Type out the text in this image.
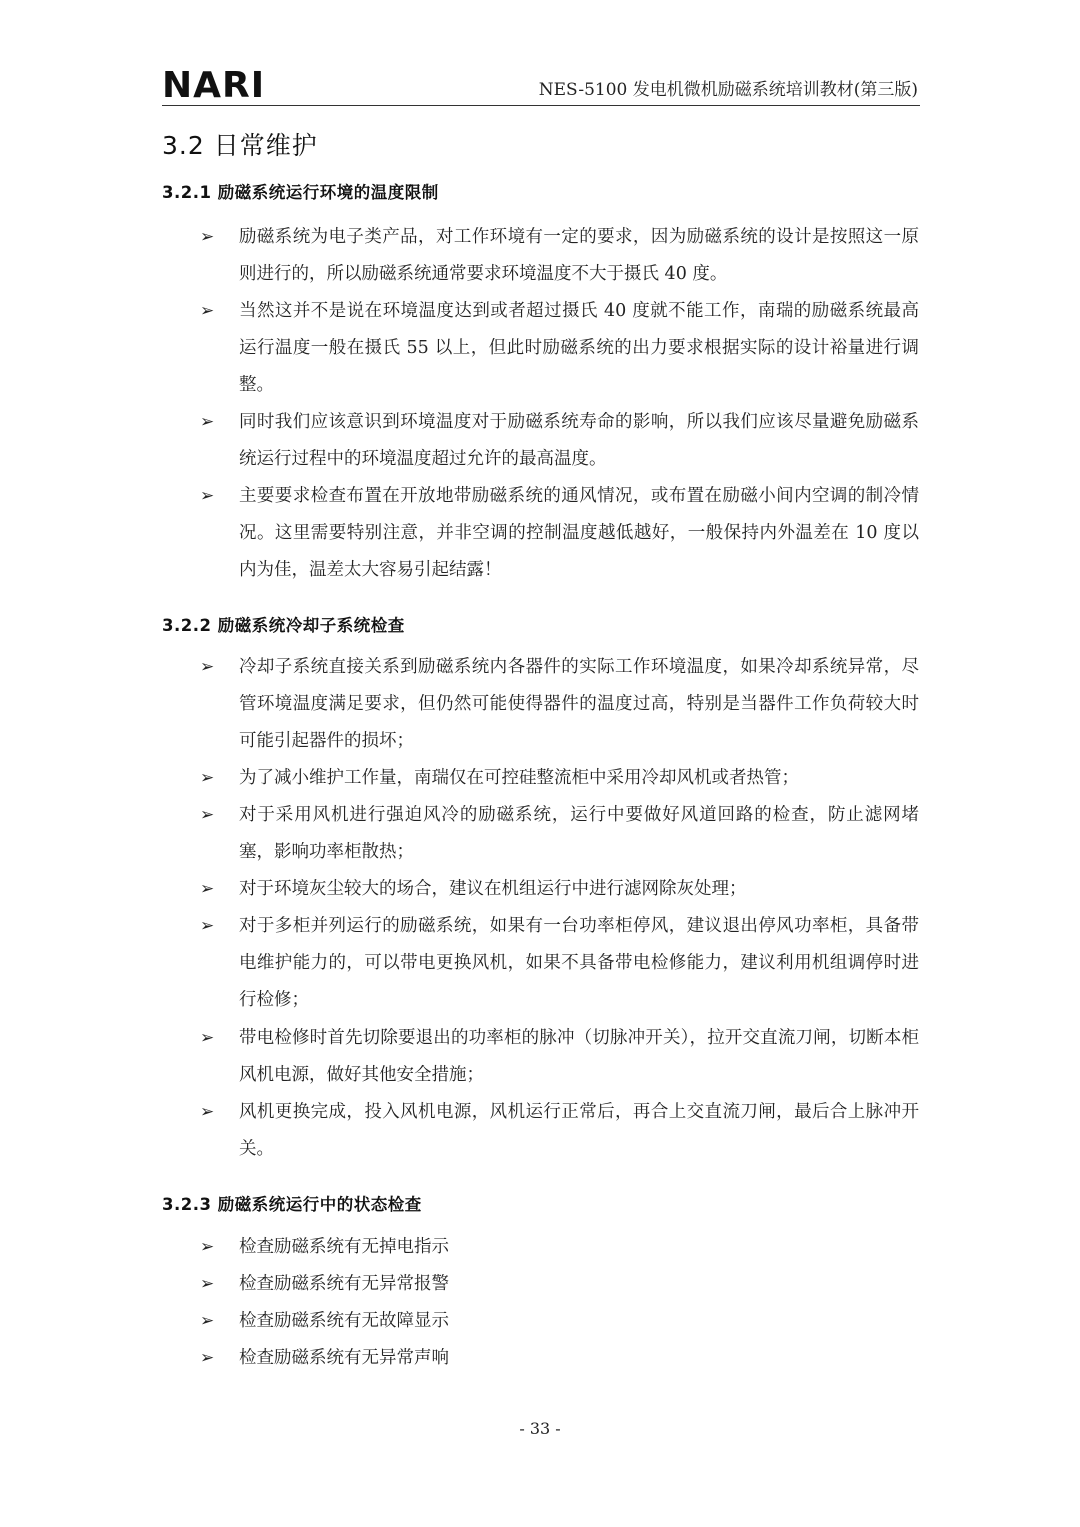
NARI	NES-5100 发电机微机励磁系统培训教材(第三版)
3.2 日常维护
3.2.1 励磁系统运行环境的温度限制
➢ 励磁系统为电子类产品，对工作环境有一定的要求，因为励磁系统的设计是按照这一原则进行的，所以励磁系统通常要求环境温度不大于摄氏 40 度。
➢ 当然这并不是说在环境温度达到或者超过摄氏 40 度就不能工作，南瑞的励磁系统最高运行温度一般在摄氏 55 以上，但此时励磁系统的出力要求根据实际的设计裕量进行调整。
➢ 同时我们应该意识到环境温度对于励磁系统寿命的影响，所以我们应该尽量避免励磁系统运行过程中的环境温度超过允许的最高温度。
➢ 主要要求检查布置在开放地带励磁系统的通风情况，或布置在励磁小间内空调的制冷情况。这里需要特别注意，并非空调的控制温度越低越好，一般保持内外温差在 10 度以内为佳，温差太大容易引起结露！
3.2.2 励磁系统冷却子系统检查
➢ 冷却子系统直接关系到励磁系统内各器件的实际工作环境温度，如果冷却系统异常，尽管环境温度满足要求，但仍然可能使得器件的温度过高，特别是当器件工作负荷较大时可能引起器件的损坏；
➢ 为了减小维护工作量，南瑞仅在可控硅整流柜中采用冷却风机或者热管；
➢ 对于采用风机进行强迫风冷的励磁系统，运行中要做好风道回路的检查，防止滤网堵塞，影响功率柜散热；
➢ 对于环境灰尘较大的场合，建议在机组运行中进行滤网除灰处理；
➢ 对于多柜并列运行的励磁系统，如果有一台功率柜停风，建议退出停风功率柜，具备带电维护能力的，可以带电更换风机，如果不具备带电检修能力，建议利用机组调停时进行检修；
➢ 带电检修时首先切除要退出的功率柜的脉冲（切脉冲开关），拉开交直流刀闸，切断本柜风机电源，做好其他安全措施；
➢ 风机更换完成，投入风机电源，风机运行正常后，再合上交直流刀闸，最后合上脉冲开关。
3.2.3 励磁系统运行中的状态检查
➢ 检查励磁系统有无掉电指示
➢ 检查励磁系统有无异常报警
➢ 检查励磁系统有无故障显示
➢ 检查励磁系统有无异常声响
- 33 -
